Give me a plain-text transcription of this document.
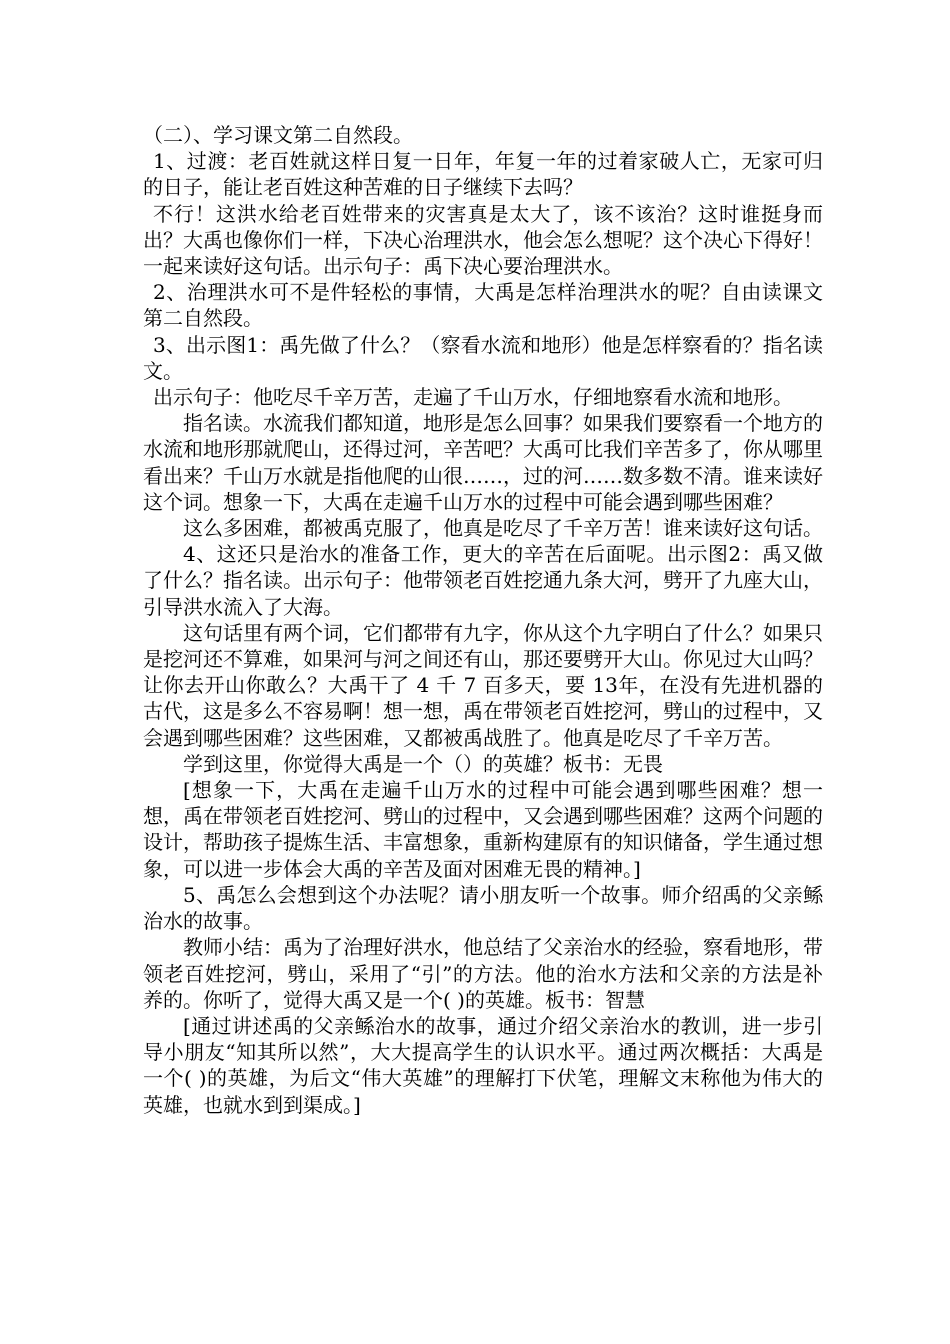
（二）、学习课文第二自然段。

1、过渡：老百姓就这样日复一日年，年复一年的过着家破人亡，无家可归的日子，能让老百姓这种苦难的日子继续下去吗？

不行！这洪水给老百姓带来的灾害真是太大了，该不该治？这时谁挺身而出？大禹也像你们一样，下决心治理洪水，他会怎么想呢？这个决心下得好！一起来读好这句话。出示句子：禹下决心要治理洪水。

2、治理洪水可不是件轻松的事情，大禹是怎样治理洪水的呢？自由读课文第二自然段。

3、出示图1：禹先做了什么？（察看水流和地形）他是怎样察看的？指名读文。

出示句子：他吃尽千辛万苦，走遍了千山万水，仔细地察看水流和地形。

指名读。水流我们都知道，地形是怎么回事？如果我们要察看一个地方的水流和地形那就爬山，还得过河，辛苦吧？大禹可比我们辛苦多了，你从哪里看出来？千山万水就是指他爬的山很……，过的河……数多数不清。谁来读好这个词。想象一下，大禹在走遍千山万水的过程中可能会遇到哪些困难？

这么多困难，都被禹克服了，他真是吃尽了千辛万苦！谁来读好这句话。

4、这还只是治水的准备工作，更大的辛苦在后面呢。出示图2：禹又做了什么？指名读。出示句子：他带领老百姓挖通九条大河，劈开了九座大山，引导洪水流入了大海。

这句话里有两个词，它们都带有九字，你从这个九字明白了什么？如果只是挖河还不算难，如果河与河之间还有山，那还要劈开大山。你见过大山吗？让你去开山你敢么？大禹干了 4 千 7 百多天，要 13年，在没有先进机器的古代，这是多么不容易啊！想一想，禹在带领老百姓挖河，劈山的过程中，又会遇到哪些困难？这些困难，又都被禹战胜了。他真是吃尽了千辛万苦。

学到这里，你觉得大禹是一个（）的英雄？板书：无畏

[想象一下，大禹在走遍千山万水的过程中可能会遇到哪些困难？想一想，禹在带领老百姓挖河、劈山的过程中，又会遇到哪些困难？这两个问题的设计，帮助孩子提炼生活、丰富想象，重新构建原有的知识储备，学生通过想象，可以进一步体会大禹的辛苦及面对困难无畏的精神。]

5、禹怎么会想到这个办法呢？请小朋友听一个故事。师介绍禹的父亲鲧治水的故事。

教师小结：禹为了治理好洪水，他总结了父亲治水的经验，察看地形，带领老百姓挖河，劈山，采用了“引”的方法。他的治水方法和父亲的方法是补养的。你听了，觉得大禹又是一个( )的英雄。板书：智慧

[通过讲述禹的父亲鲧治水的故事，通过介绍父亲治水的教训，进一步引导小朋友“知其所以然”，大大提高学生的认识水平。通过两次概括：大禹是一个( )的英雄，为后文“伟大英雄”的理解打下伏笔，理解文末称他为伟大的英雄，也就水到到渠成。]
